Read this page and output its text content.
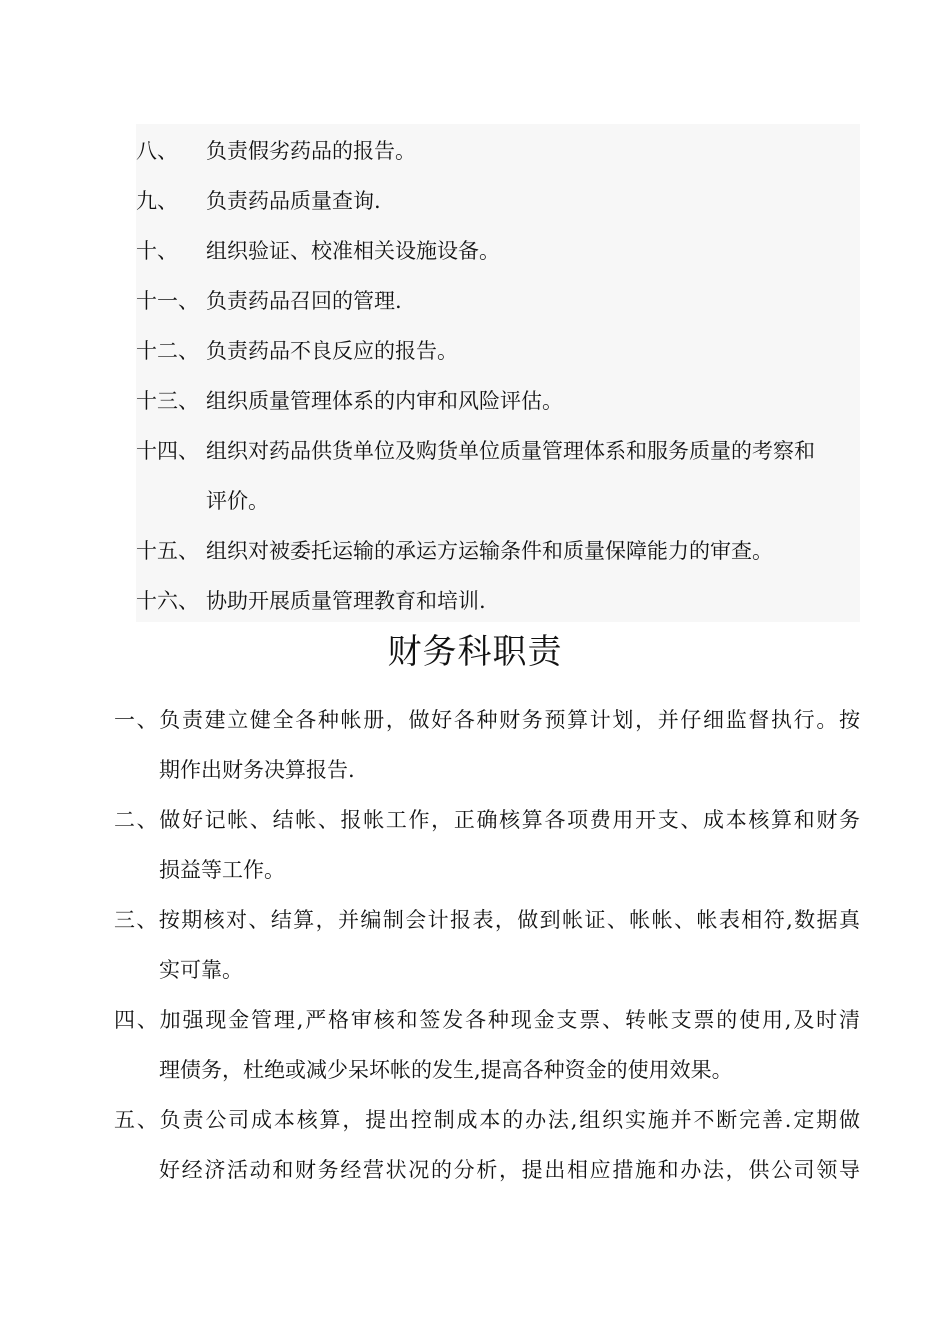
八、 负责假劣药品的报告。
九、 负责药品质量查询.
十、 组织验证、校准相关设施设备。
十一、 负责药品召回的管理.
十二、 负责药品不良反应的报告。
十三、 组织质量管理体系的内审和风险评估。
十四、 组织对药品供货单位及购货单位质量管理体系和服务质量的考察和
评价。
十五、 组织对被委托运输的承运方运输条件和质量保障能力的审查。
十六、 协助开展质量管理教育和培训.
财务科职责
一、负责建立健全各种帐册，做好各种财务预算计划，并仔细监督执行。按
期作出财务决算报告.
二、做好记帐、结帐、报帐工作，正确核算各项费用开支、成本核算和财务
损益等工作。
三、按期核对、结算，并编制会计报表，做到帐证、帐帐、帐表相符,数据真
实可靠。
四、加强现金管理,严格审核和签发各种现金支票、转帐支票的使用,及时清
理债务，杜绝或减少呆坏帐的发生,提高各种资金的使用效果。
五、负责公司成本核算，提出控制成本的办法,组织实施并不断完善.定期做
好经济活动和财务经营状况的分析，提出相应措施和办法，供公司领导
